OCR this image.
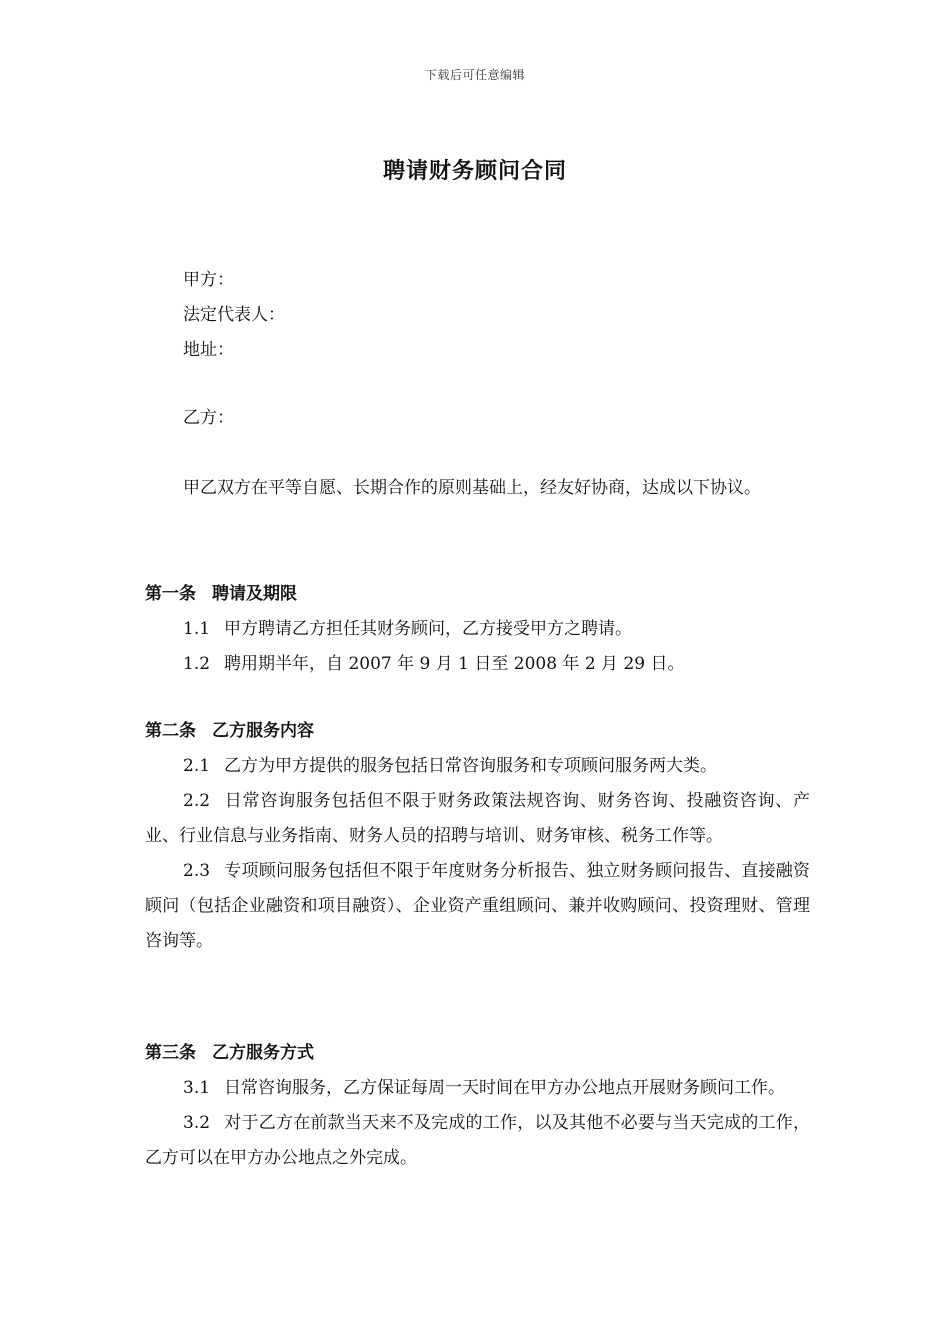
下载后可任意编辑
聘请财务顾问合同
甲方：
法定代表人：
地址：
乙方：
甲乙双方在平等自愿、长期合作的原则基础上，经友好协商，达成以下协议。
第一条 聘请及期限
1.1 甲方聘请乙方担任其财务顾问，乙方接受甲方之聘请。
1.2 聘用期半年，自 2007 年 9 月 1 日至 2008 年 2 月 29 日。
第二条 乙方服务内容
2.1 乙方为甲方提供的服务包括日常咨询服务和专项顾问服务两大类。
2.2 日常咨询服务包括但不限于财务政策法规咨询、财务咨询、投融资咨询、产业、行业信息与业务指南、财务人员的招聘与培训、财务审核、税务工作等。
2.3 专项顾问服务包括但不限于年度财务分析报告、独立财务顾问报告、直接融资顾问（包括企业融资和项目融资）、企业资产重组顾问、兼并收购顾问、投资理财、管理咨询等。
第三条 乙方服务方式
3.1 日常咨询服务，乙方保证每周一天时间在甲方办公地点开展财务顾问工作。
3.2 对于乙方在前款当天来不及完成的工作，以及其他不必要与当天完成的工作，乙方可以在甲方办公地点之外完成。
